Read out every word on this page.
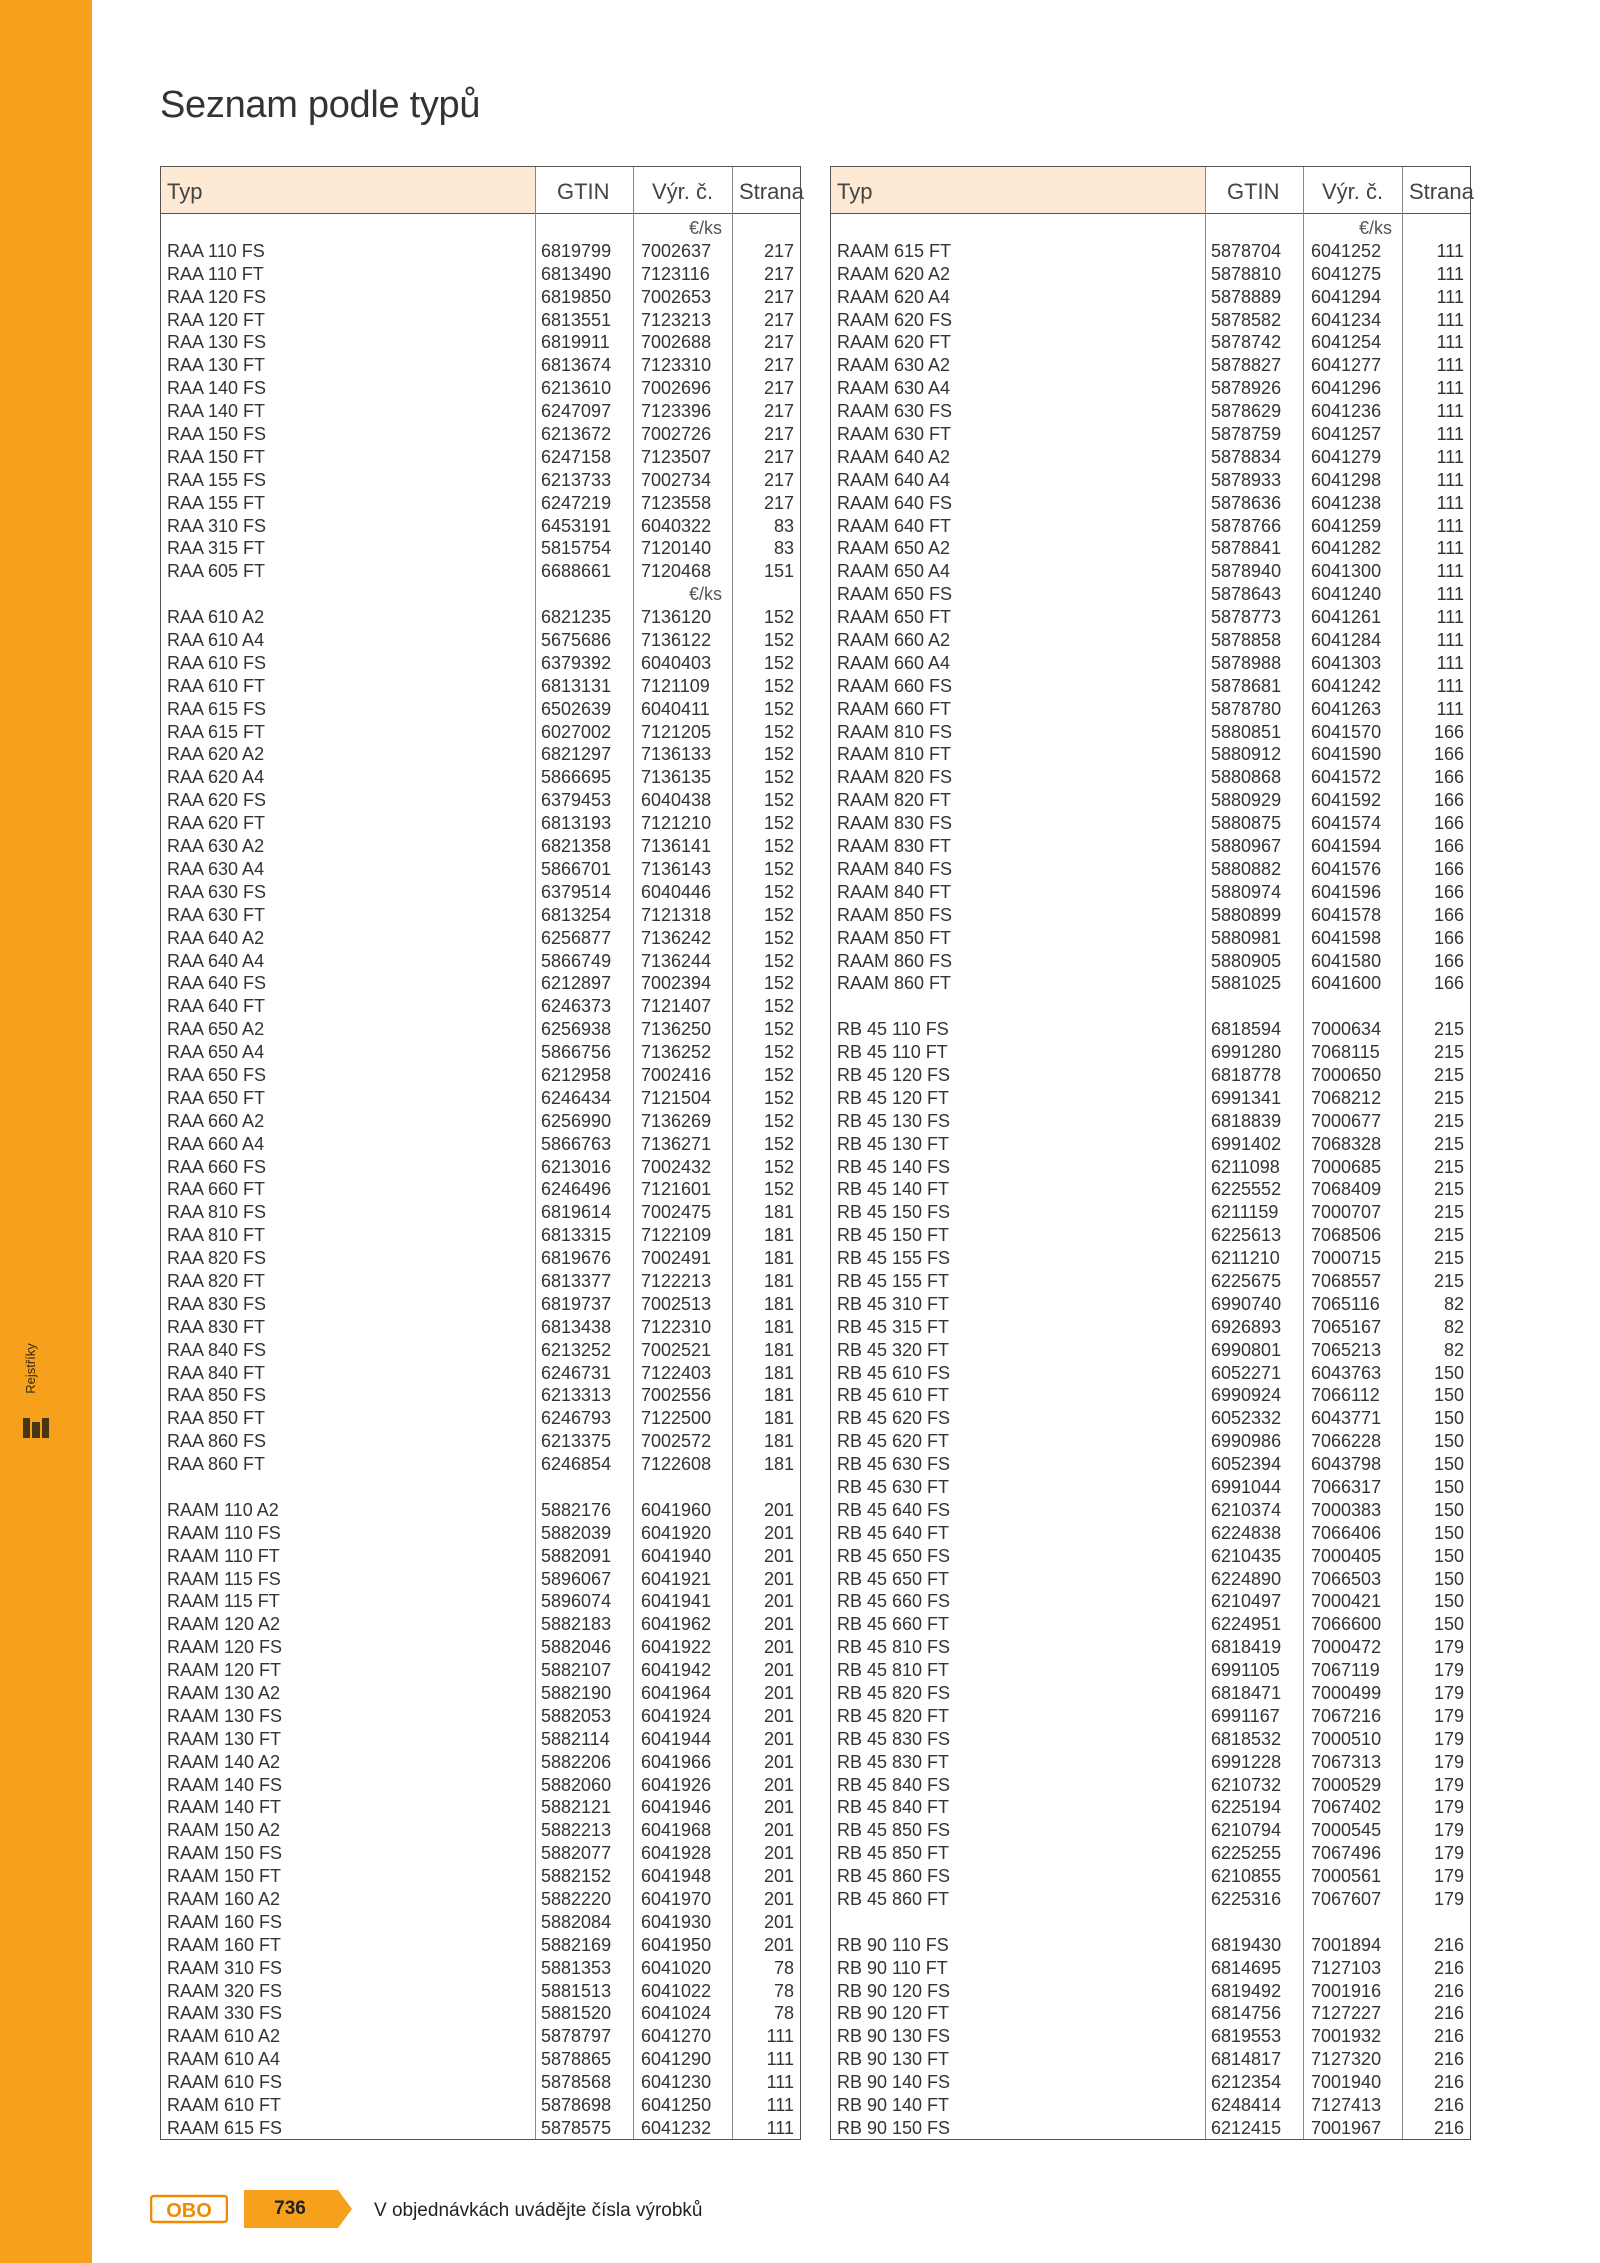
Rejstříky
Seznam podle typů
Typ	GTIN Výr. č. Strana
€/ks
RAA 110 FS	6819799 7002637	217
RAA 110 FT	6813490 7123116	217
RAA 120 FS	6819850 7002653	217
RAA 120 FT	6813551 7123213	217
RAA 130 FS	6819911 7002688	217
RAA 130 FT	6813674 7123310	217
RAA 140 FS	6213610 7002696	217
RAA 140 FT	6247097 7123396	217
RAA 150 FS	6213672 7002726	217
RAA 150 FT	6247158 7123507	217
RAA 155 FS	6213733 7002734	217
RAA 155 FT	6247219 7123558	217
RAA 310 FS	6453191 6040322	83
RAA 315 FT	5815754 7120140	83
RAA 605 FT	6688661 7120468	151
€/ks
RAA 610 A2	6821235 7136120	152
RAA 610 A4	5675686 7136122	152
RAA 610 FS	6379392 6040403	152
RAA 610 FT	6813131 7121109	152
RAA 615 FS	6502639 6040411	152
RAA 615 FT	6027002 7121205	152
RAA 620 A2	6821297 7136133	152
RAA 620 A4	5866695 7136135	152
RAA 620 FS	6379453 6040438	152
RAA 620 FT	6813193 7121210	152
RAA 630 A2	6821358 7136141	152
RAA 630 A4	5866701 7136143	152
RAA 630 FS	6379514 6040446	152
RAA 630 FT	6813254 7121318	152
RAA 640 A2	6256877 7136242	152
RAA 640 A4	5866749 7136244	152
RAA 640 FS	6212897 7002394	152
RAA 640 FT	6246373 7121407	152
RAA 650 A2	6256938 7136250	152
RAA 650 A4	5866756 7136252	152
RAA 650 FS	6212958 7002416	152
RAA 650 FT	6246434 7121504	152
RAA 660 A2	6256990 7136269	152
RAA 660 A4	5866763 7136271	152
RAA 660 FS	6213016 7002432	152
RAA 660 FT	6246496 7121601	152
RAA 810 FS	6819614 7002475	181
RAA 810 FT	6813315 7122109	181
RAA 820 FS	6819676 7002491	181
RAA 820 FT	6813377 7122213	181
RAA 830 FS	6819737 7002513	181
RAA 830 FT	6813438 7122310	181
RAA 840 FS	6213252 7002521	181
RAA 840 FT	6246731 7122403	181
RAA 850 FS	6213313 7002556	181
RAA 850 FT	6246793 7122500	181
RAA 860 FS	6213375 7002572	181
RAA 860 FT	6246854 7122608	181
RAAM 110 A2	5882176 6041960	201
RAAM 110 FS	5882039 6041920	201
RAAM 110 FT	5882091 6041940	201
RAAM 115 FS	5896067 6041921	201
RAAM 115 FT	5896074 6041941	201
RAAM 120 A2	5882183 6041962	201
RAAM 120 FS	5882046 6041922	201
RAAM 120 FT	5882107 6041942	201
RAAM 130 A2	5882190 6041964	201
RAAM 130 FS	5882053 6041924	201
RAAM 130 FT	5882114 6041944	201
RAAM 140 A2	5882206 6041966	201
RAAM 140 FS	5882060 6041926	201
RAAM 140 FT	5882121 6041946	201
RAAM 150 A2	5882213 6041968	201
RAAM 150 FS	5882077 6041928	201
RAAM 150 FT	5882152 6041948	201
RAAM 160 A2	5882220 6041970	201
RAAM 160 FS	5882084 6041930	201
RAAM 160 FT	5882169 6041950	201
RAAM 310 FS	5881353 6041020	78
RAAM 320 FS	5881513 6041022	78
RAAM 330 FS	5881520 6041024	78
RAAM 610 A2	5878797 6041270	111
RAAM 610 A4	5878865 6041290	111
RAAM 610 FS	5878568 6041230	111
RAAM 610 FT	5878698 6041250	111
RAAM 615 FS	5878575 6041232	111
Typ	GTIN Výr. č. Strana
€/ks
RAAM 615 FT	5878704 6041252	111
RAAM 620 A2	5878810 6041275	111
RAAM 620 A4	5878889 6041294	111
RAAM 620 FS	5878582 6041234	111
RAAM 620 FT	5878742 6041254	111
RAAM 630 A2	5878827 6041277	111
RAAM 630 A4	5878926 6041296	111
RAAM 630 FS	5878629 6041236	111
RAAM 630 FT	5878759 6041257	111
RAAM 640 A2	5878834 6041279	111
RAAM 640 A4	5878933 6041298	111
RAAM 640 FS	5878636 6041238	111
RAAM 640 FT	5878766 6041259	111
RAAM 650 A2	5878841 6041282	111
RAAM 650 A4	5878940 6041300	111
RAAM 650 FS	5878643 6041240	111
RAAM 650 FT	5878773 6041261	111
RAAM 660 A2	5878858 6041284	111
RAAM 660 A4	5878988 6041303	111
RAAM 660 FS	5878681 6041242	111
RAAM 660 FT	5878780 6041263	111
RAAM 810 FS	5880851 6041570	166
RAAM 810 FT	5880912 6041590	166
RAAM 820 FS	5880868 6041572	166
RAAM 820 FT	5880929 6041592	166
RAAM 830 FS	5880875 6041574	166
RAAM 830 FT	5880967 6041594	166
RAAM 840 FS	5880882 6041576	166
RAAM 840 FT	5880974 6041596	166
RAAM 850 FS	5880899 6041578	166
RAAM 850 FT	5880981 6041598	166
RAAM 860 FS	5880905 6041580	166
RAAM 860 FT	5881025 6041600	166
RB 45 110 FS	6818594 7000634	215
RB 45 110 FT	6991280 7068115	215
RB 45 120 FS	6818778 7000650	215
RB 45 120 FT	6991341 7068212	215
RB 45 130 FS	6818839 7000677	215
RB 45 130 FT	6991402 7068328	215
RB 45 140 FS	6211098 7000685	215
RB 45 140 FT	6225552 7068409	215
RB 45 150 FS	6211159 7000707	215
RB 45 150 FT	6225613 7068506	215
RB 45 155 FS	6211210 7000715	215
RB 45 155 FT	6225675 7068557	215
RB 45 310 FT	6990740 7065116	82
RB 45 315 FT	6926893 7065167	82
RB 45 320 FT	6990801 7065213	82
RB 45 610 FS	6052271 6043763	150
RB 45 610 FT	6990924 7066112	150
RB 45 620 FS	6052332 6043771	150
RB 45 620 FT	6990986 7066228	150
RB 45 630 FS	6052394 6043798	150
RB 45 630 FT	6991044 7066317	150
RB 45 640 FS	6210374 7000383	150
RB 45 640 FT	6224838 7066406	150
RB 45 650 FS	6210435 7000405	150
RB 45 650 FT	6224890 7066503	150
RB 45 660 FS	6210497 7000421	150
RB 45 660 FT	6224951 7066600	150
RB 45 810 FS	6818419 7000472	179
RB 45 810 FT	6991105 7067119	179
RB 45 820 FS	6818471 7000499	179
RB 45 820 FT	6991167 7067216	179
RB 45 830 FS	6818532 7000510	179
RB 45 830 FT	6991228 7067313	179
RB 45 840 FS	6210732 7000529	179
RB 45 840 FT	6225194 7067402	179
RB 45 850 FS	6210794 7000545	179
RB 45 850 FT	6225255 7067496	179
RB 45 860 FS	6210855 7000561	179
RB 45 860 FT	6225316 7067607	179
RB 90 110 FS	6819430 7001894	216
RB 90 110 FT	6814695 7127103	216
RB 90 120 FS	6819492 7001916	216
RB 90 120 FT	6814756 7127227	216
RB 90 130 FS	6819553 7001932	216
RB 90 130 FT	6814817 7127320	216
RB 90 140 FS	6212354 7001940	216
RB 90 140 FT	6248414 7127413	216
RB 90 150 FS	6212415 7001967	216
OBO	736	V objednávkách uvádějte čísla výrobků
